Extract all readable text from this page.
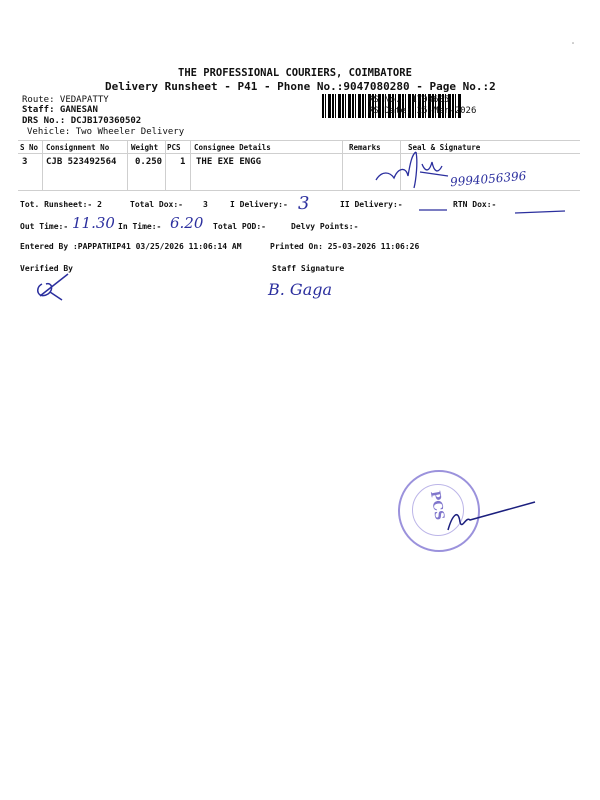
THE PROFESSIONAL COURIERS, COIMBATORE
Delivery Runsheet - P41 - Phone No.:9047080280 - Page No.:2
Route: VEDAPATTY
Staff: GANESAN
DRS No.: DCJB170360502
Vehicle: Two Wheeler Delivery
RS No.: 1703605
RS Date: 25-Mar-2026
S No Consignment No	Weight PCS Consignee Details	Remarks	Seal & Signature
3 CJB 523492564 0.250 1 THE EXE ENGG
9994056396
Tot. Runsheet:- 2	Total Dox:-	3	I Delivery:- 3	II Delivery:-	RTN Dox:-
Out Time:- 11.30 In Time:- 6.20 Total POD:-	Delvy Points:-
Entered By :PAPPATHIP41 03/25/2026 11:06:14 AM	Printed On: 25-03-2026 11:06:26
Verified By	Staff Signature
B. Gaga
PCS
